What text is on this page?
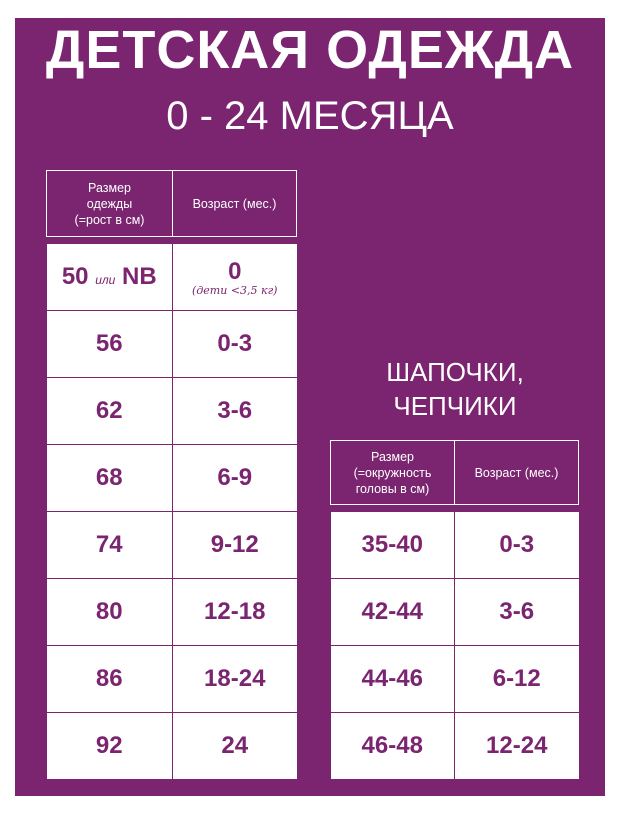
ДЕТСКАЯ ОДЕЖДА
0 - 24 МЕСЯЦА
Размер
одежды
(=рост в см)	Возраст (мес.)

50 или NB	0
(дети <3,5 кг)

56	0-3
62	3-6
68	6-9
74	9-12
80	12-18
86	18-24
92	24
ШАПОЧКИ,
ЧЕПЧИКИ
Размер
(=окружность
головы в см)	Возраст (мес.)

35-40	0-3
42-44	3-6
44-46	6-12
46-48	12-24
